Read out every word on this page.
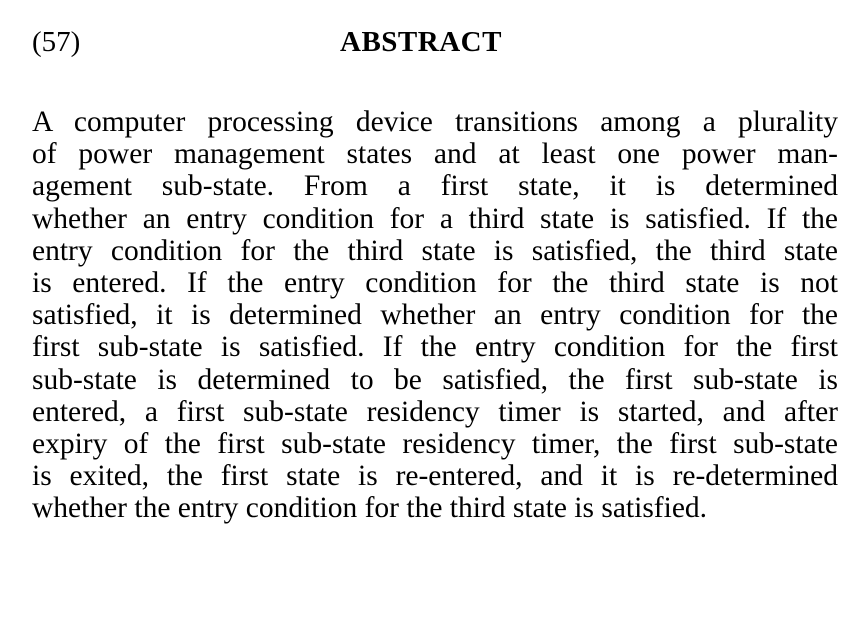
(57)	ABSTRACT
A computer processing device transitions among a plurality
of power management states and at least one power man-
agement sub-state. From a first state, it is determined
whether an entry condition for a third state is satisfied. If the
entry condition for the third state is satisfied, the third state
is entered. If the entry condition for the third state is not
satisfied, it is determined whether an entry condition for the
first sub-state is satisfied. If the entry condition for the first
sub-state is determined to be satisfied, the first sub-state is
entered, a first sub-state residency timer is started, and after
expiry of the first sub-state residency timer, the first sub-state
is exited, the first state is re-entered, and it is re-determined
whether the entry condition for the third state is satisfied.
